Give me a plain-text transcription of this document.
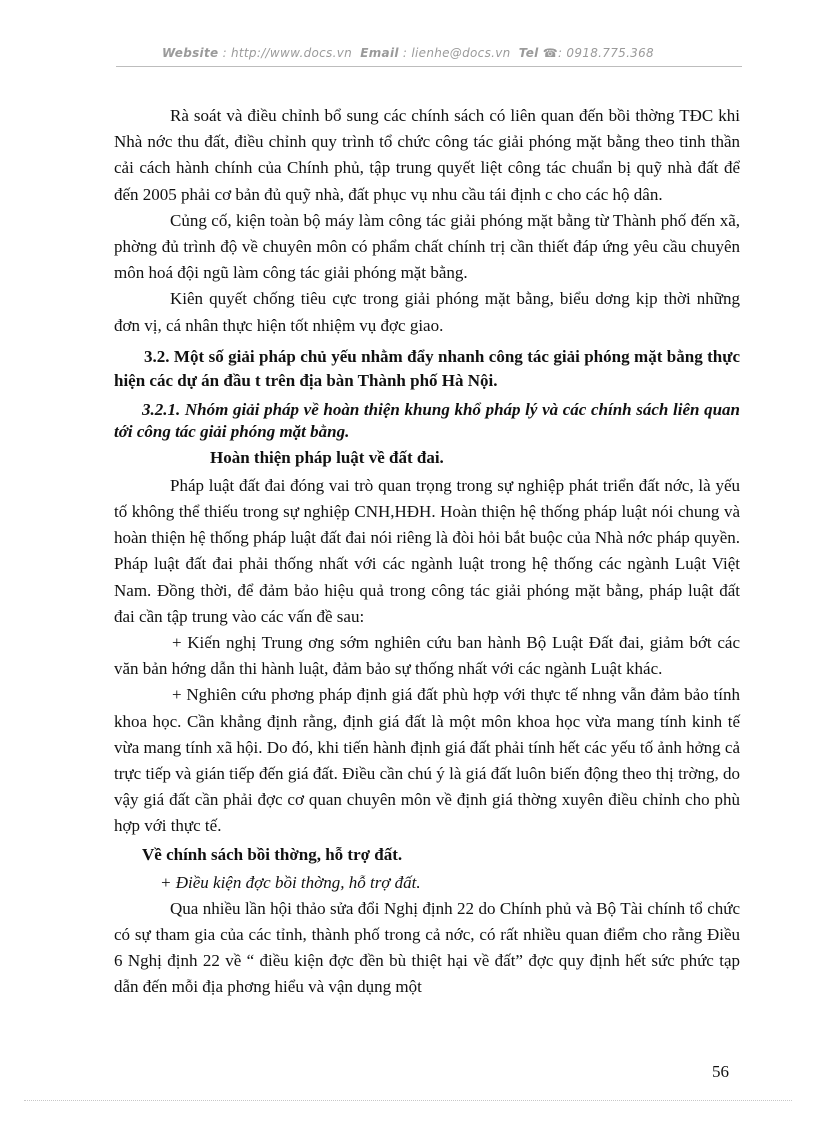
Website : http://www.docs.vn Email : lienhe@docs.vn Tel ☎: 0918.775.368

Rà soát và điều chỉnh bổ sung các chính sách có liên quan đến bồi thờng TĐC khi Nhà nớc thu đất, điều chỉnh quy trình tổ chức công tác giải phóng mặt bằng theo tinh thần cải cách hành chính của Chính phủ, tập trung quyết liệt công tác chuẩn bị quỹ nhà đất để đến 2005 phải cơ bản đủ quỹ nhà, đất phục vụ nhu cầu tái định c cho các hộ dân.

Củng cố, kiện toàn bộ máy làm công tác giải phóng mặt bằng từ Thành phố đến xã, phờng đủ trình độ về chuyên môn có phẩm chất chính trị cần thiết đáp ứng yêu cầu chuyên môn hoá đội ngũ làm công tác giải phóng mặt bằng.

Kiên quyết chống tiêu cực trong giải phóng mặt bằng, biểu dơng kịp thời những đơn vị, cá nhân thực hiện tốt nhiệm vụ đợc giao.

3.2. Một số giải pháp chủ yếu nhằm đẩy nhanh công tác giải phóng mặt bằng thực hiện các dự án đầu t trên địa bàn Thành phố Hà Nội.

3.2.1. Nhóm giải pháp về hoàn thiện khung khổ pháp lý và các chính sách liên quan tới công tác giải phóng mặt bằng.

Hoàn thiện pháp luật về đất đai.

Pháp luật đất đai đóng vai trò quan trọng trong sự nghiệp phát triển đất nớc, là yếu tố không thể thiếu trong sự nghiệp CNH,HĐH. Hoàn thiện hệ thống pháp luật nói chung và hoàn thiện hệ thống pháp luật đất đai nói riêng là đòi hỏi bắt buộc của Nhà nớc pháp quyền. Pháp luật đất đai phải thống nhất với các ngành luật trong hệ thống các ngành Luật Việt Nam. Đồng thời, để đảm bảo hiệu quả trong công tác giải phóng mặt bằng, pháp luật đất đai cần tập trung vào các vấn đề sau:

+ Kiến nghị Trung ơng sớm nghiên cứu ban hành Bộ Luật Đất đai, giảm bớt các văn bản hớng dẫn thi hành luật, đảm bảo sự thống nhất với các ngành Luật khác.

+ Nghiên cứu phơng pháp định giá đất phù hợp với thực tế nhng vẫn đảm bảo tính khoa học. Cần khẳng định rằng, định giá đất là một môn khoa học vừa mang tính kinh tế vừa mang tính xã hội. Do đó, khi tiến hành định giá đất phải tính hết các yếu tố ảnh hởng cả trực tiếp và gián tiếp đến giá đất. Điều cần chú ý là giá đất luôn biến động theo thị trờng, do vậy giá đất cần phải đợc cơ quan chuyên môn về định giá thờng xuyên điều chỉnh cho phù hợp với thực tế.

Về chính sách bồi thờng, hỗ trợ đất.

+ Điều kiện đợc bồi thờng, hỗ trợ đất.

Qua nhiều lần hội thảo sửa đổi Nghị định 22 do Chính phủ và Bộ Tài chính tổ chức có sự tham gia của các tỉnh, thành phố trong cả nớc, có rất nhiều quan điểm cho rằng Điều 6 Nghị định 22 về “ điều kiện đợc đền bù thiệt hại về đất” đợc quy định hết sức phức tạp dẫn đến mỗi địa phơng hiểu và vận dụng một

56
